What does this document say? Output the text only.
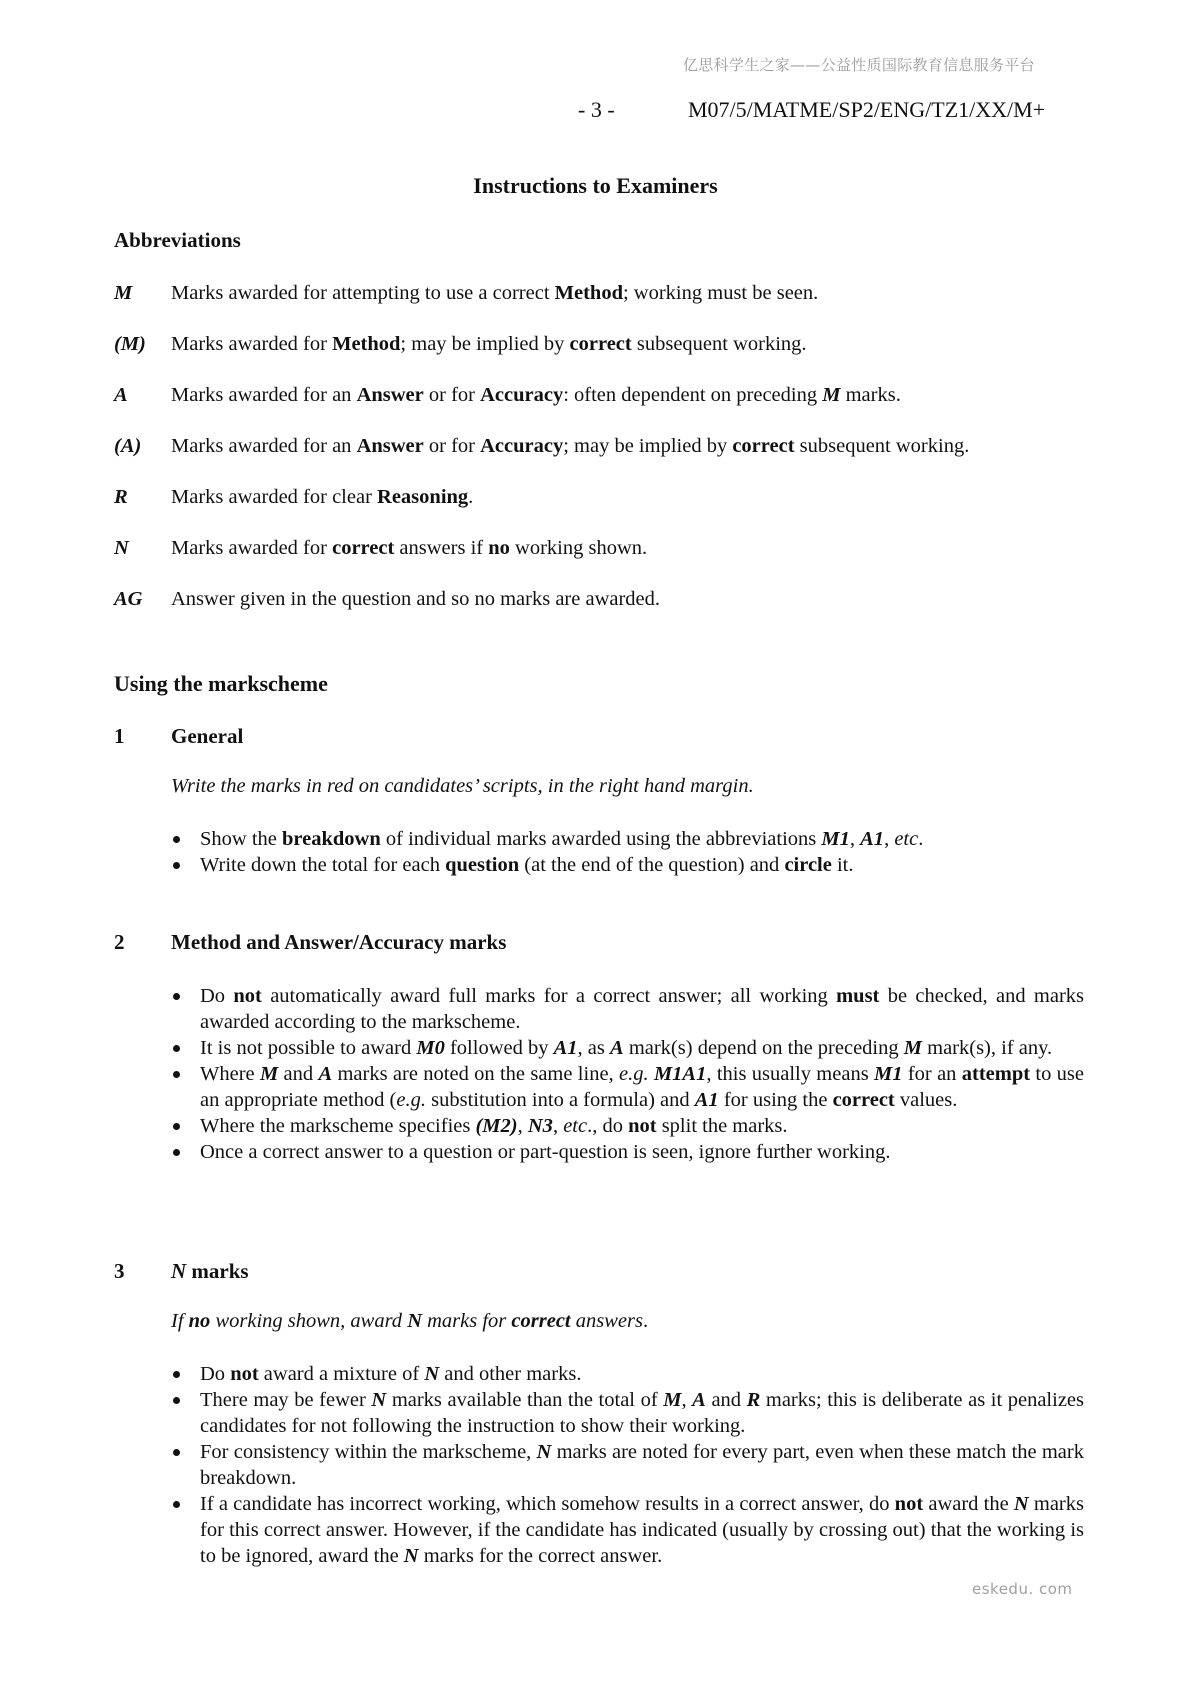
亿思科学生之家——公益性质国际教育信息服务平台
eskedu. com
- 3 -	M07/5/MATME/SP2/ENG/TZ1/XX/M+
Instructions to Examiners
Abbreviations
M Marks awarded for attempting to use a correct Method; working must be seen.
(M) Marks awarded for Method; may be implied by correct subsequent working.
A Marks awarded for an Answer or for Accuracy: often dependent on preceding M marks.
(A) Marks awarded for an Answer or for Accuracy; may be implied by correct subsequent working.
R Marks awarded for clear Reasoning.
N Marks awarded for correct answers if no working shown.
AG Answer given in the question and so no marks are awarded.
Using the markscheme
1 General
Write the marks in red on candidates’ scripts, in the right hand margin.
Show the breakdown of individual marks awarded using the abbreviations M1, A1, etc.
Write down the total for each question (at the end of the question) and circle it.
2 Method and Answer/Accuracy marks
Do not automatically award full marks for a correct answer; all working must be checked, and marks awarded according to the markscheme.
It is not possible to award M0 followed by A1, as A mark(s) depend on the preceding M mark(s), if any.
Where M and A marks are noted on the same line, e.g. M1A1, this usually means M1 for an attempt to use an appropriate method (e.g. substitution into a formula) and A1 for using the correct values.
Where the markscheme specifies (M2), N3, etc., do not split the marks.
Once a correct answer to a question or part-question is seen, ignore further working.
3 N marks
If no working shown, award N marks for correct answers.
Do not award a mixture of N and other marks.
There may be fewer N marks available than the total of M, A and R marks; this is deliberate as it penalizes candidates for not following the instruction to show their working.
For consistency within the markscheme, N marks are noted for every part, even when these match the mark breakdown.
If a candidate has incorrect working, which somehow results in a correct answer, do not award the N marks for this correct answer. However, if the candidate has indicated (usually by crossing out) that the working is to be ignored, award the N marks for the correct answer.
